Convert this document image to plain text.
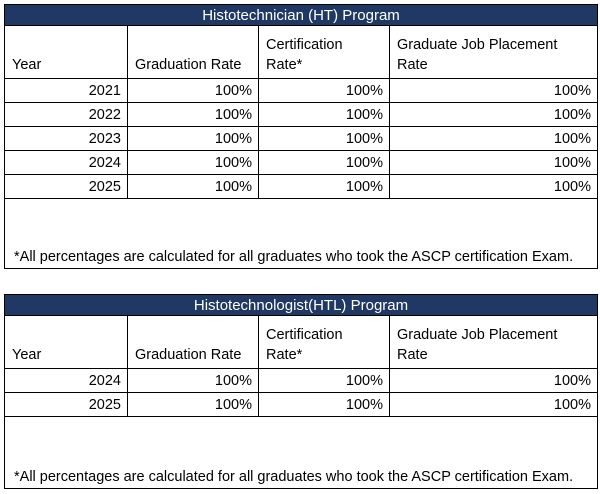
Histotechnician (HT) Program			
Year	Graduation Rate	Certification Rate*	Graduate Job Placement Rate
2021	100%	100%	100%
2022	100%	100%	100%
2023	100%	100%	100%
2024	100%	100%	100%
2025	100%	100%	100%
*All percentages are calculated for all graduates who took the ASCP certification Exam.			
Histotechnologist(HTL) Program			
Year	Graduation Rate	Certification Rate*	Graduate Job Placement Rate
2024	100%	100%	100%
2025	100%	100%	100%
*All percentages are calculated for all graduates who took the ASCP certification Exam.			
